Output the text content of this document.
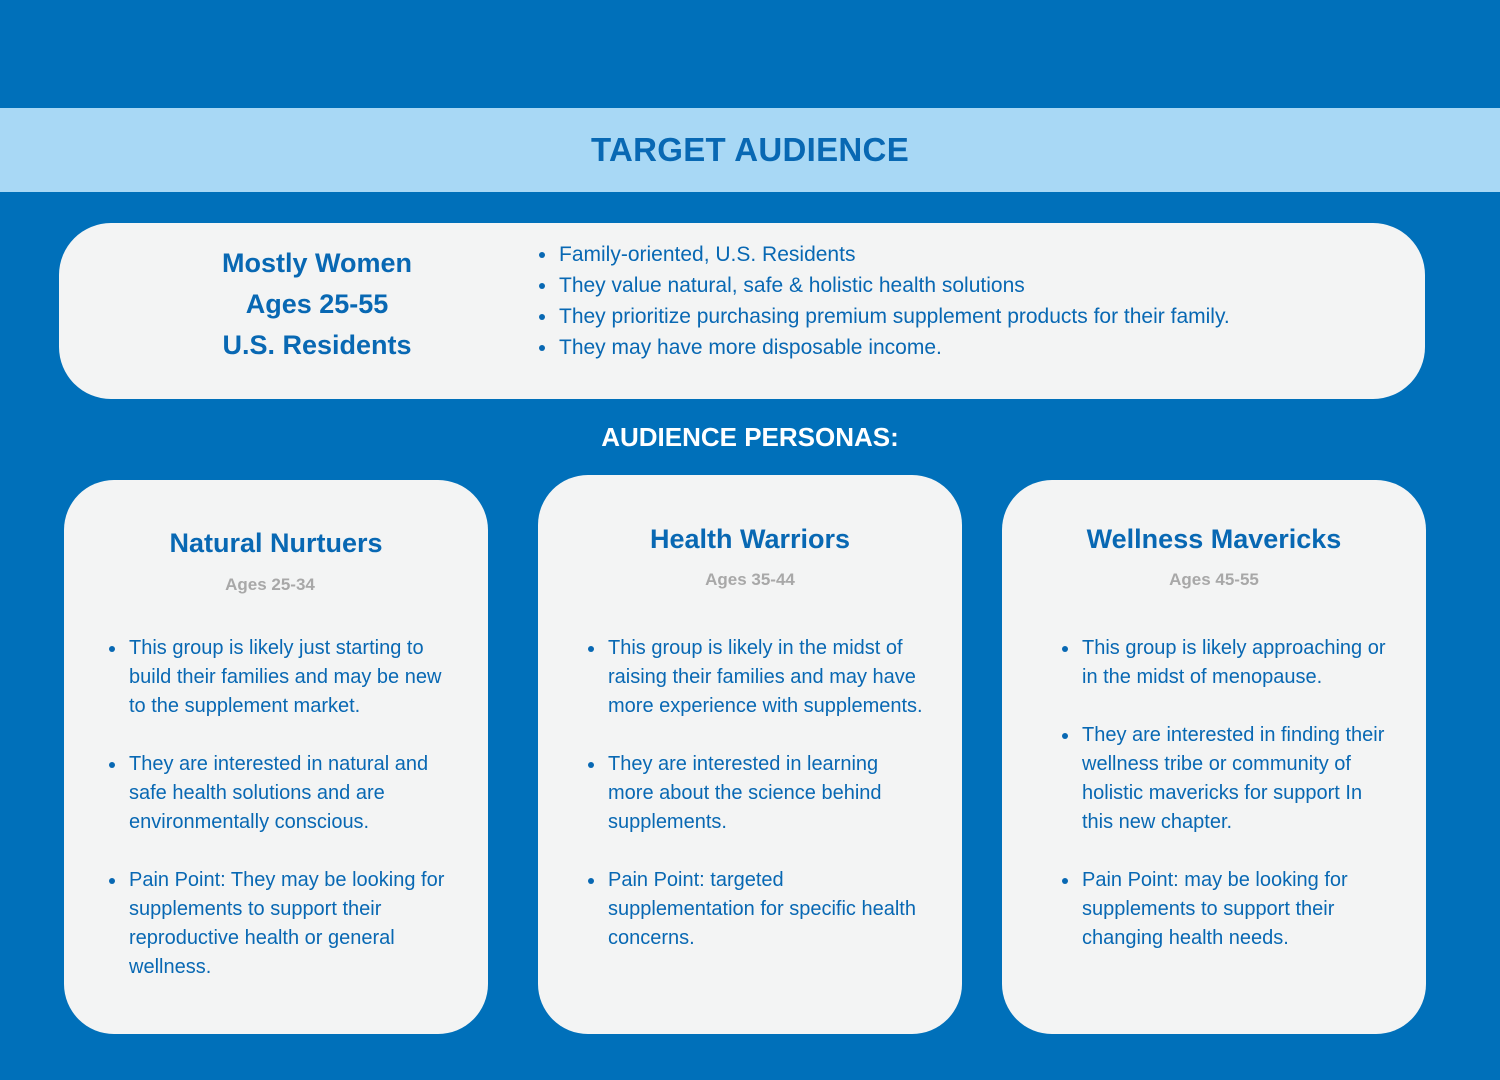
TARGET AUDIENCE
Mostly Women
Ages 25-55
U.S. Residents
Family-oriented, U.S. Residents
They value natural, safe & holistic health solutions
They prioritize purchasing premium supplement products for their family.
They may have more disposable income.
AUDIENCE PERSONAS:
Natural Nurtuers
Ages 25-34
This group is likely just starting to build their families and may be new to the supplement market.
They are interested in natural and safe health solutions and are environmentally conscious.
Pain Point: They may be looking for supplements to support their reproductive health or general wellness.
Health Warriors
Ages 35-44
This group is likely in the midst of raising their families and may have more experience with supplements.
They are interested in learning more about the science behind supplements.
Pain Point: targeted supplementation for specific health concerns.
Wellness Mavericks
Ages 45-55
This group is likely approaching or in the midst of menopause.
They are interested in finding their wellness tribe or community of holistic mavericks for support In this new chapter.
Pain Point: may be looking for supplements to support their changing health needs.
